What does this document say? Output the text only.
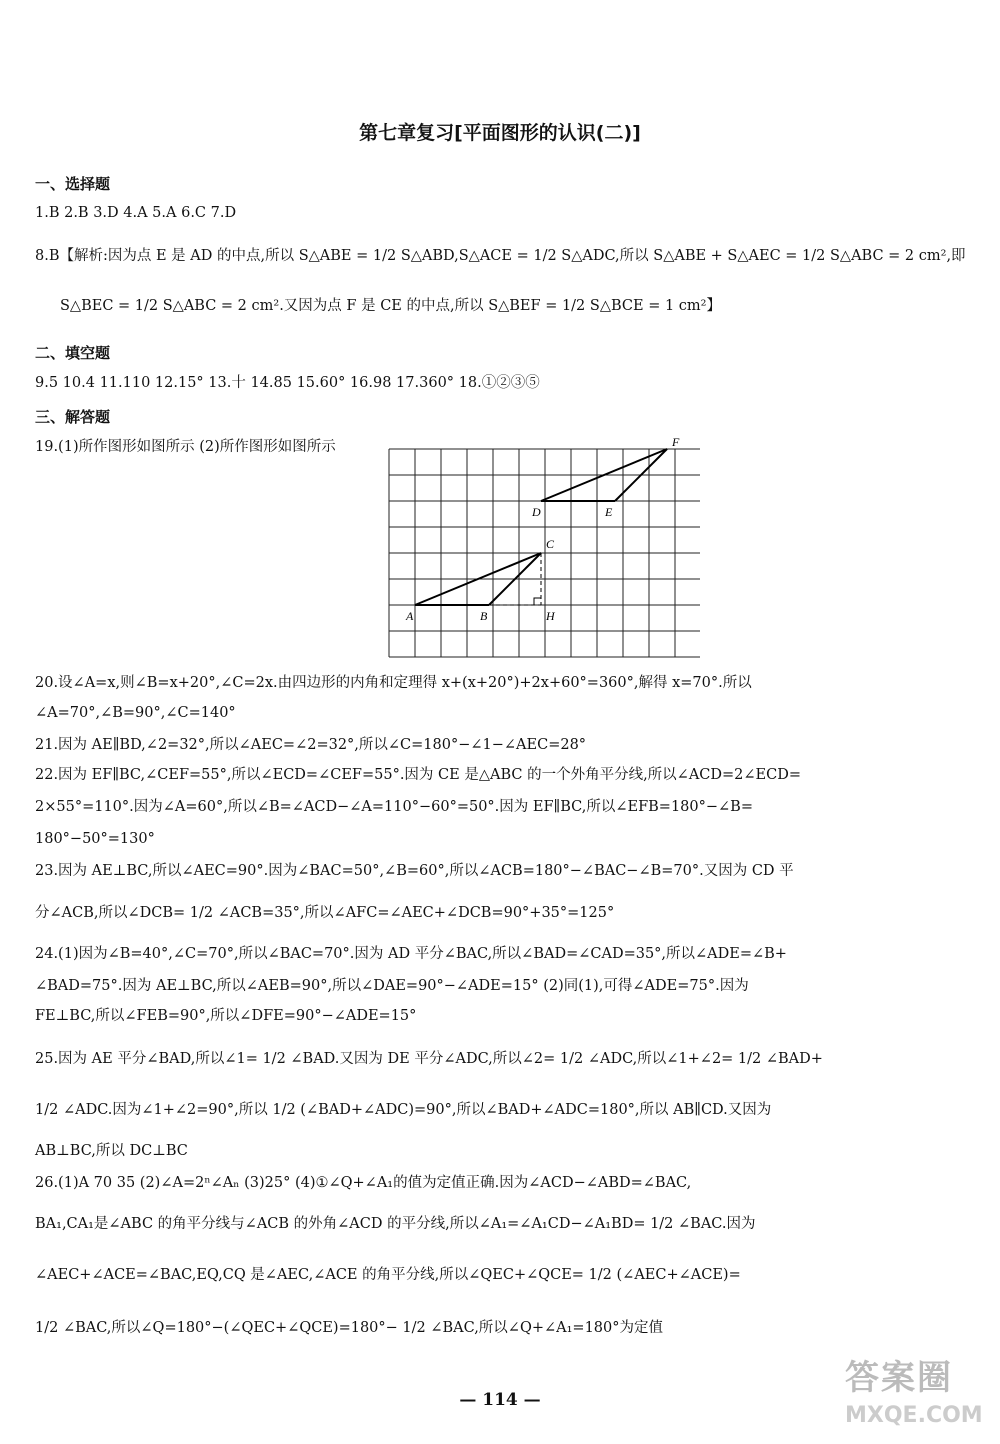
第七章复习[平面图形的认识(二)]
一、选择题
1.B 2.B 3.D 4.A 5.A 6.C 7.D
8.B【解析:因为点 E 是 AD 的中点,所以 S△ABE = 1/2 S△ABD,S△ACE = 1/2 S△ADC,所以 S△ABE + S△AEC = 1/2 S△ABC = 2 cm²,即
S△BEC = 1/2 S△ABC = 2 cm².又因为点 F 是 CE 的中点,所以 S△BEF = 1/2 S△BCE = 1 cm²】
二、填空题
9.5 10.4 11.110 12.15° 13.十 14.85 15.60° 16.98 17.360° 18.①②③⑤
三、解答题
19.(1)所作图形如图所示 (2)所作图形如图所示
A	B
C
H
D	E
F
20.设∠A=x,则∠B=x+20°,∠C=2x.由四边形的内角和定理得 x+(x+20°)+2x+60°=360°,解得 x=70°.所以
∠A=70°,∠B=90°,∠C=140°
21.因为 AE∥BD,∠2=32°,所以∠AEC=∠2=32°,所以∠C=180°−∠1−∠AEC=28°
22.因为 EF∥BC,∠CEF=55°,所以∠ECD=∠CEF=55°.因为 CE 是△ABC 的一个外角平分线,所以∠ACD=2∠ECD=
2×55°=110°.因为∠A=60°,所以∠B=∠ACD−∠A=110°−60°=50°.因为 EF∥BC,所以∠EFB=180°−∠B=
180°−50°=130°
23.因为 AE⊥BC,所以∠AEC=90°.因为∠BAC=50°,∠B=60°,所以∠ACB=180°−∠BAC−∠B=70°.又因为 CD 平
分∠ACB,所以∠DCB= 1/2 ∠ACB=35°,所以∠AFC=∠AEC+∠DCB=90°+35°=125°
24.(1)因为∠B=40°,∠C=70°,所以∠BAC=70°.因为 AD 平分∠BAC,所以∠BAD=∠CAD=35°,所以∠ADE=∠B+
∠BAD=75°.因为 AE⊥BC,所以∠AEB=90°,所以∠DAE=90°−∠ADE=15° (2)同(1),可得∠ADE=75°.因为
FE⊥BC,所以∠FEB=90°,所以∠DFE=90°−∠ADE=15°
25.因为 AE 平分∠BAD,所以∠1= 1/2 ∠BAD.又因为 DE 平分∠ADC,所以∠2= 1/2 ∠ADC,所以∠1+∠2= 1/2 ∠BAD+
1/2 ∠ADC.因为∠1+∠2=90°,所以 1/2 (∠BAD+∠ADC)=90°,所以∠BAD+∠ADC=180°,所以 AB∥CD.又因为
AB⊥BC,所以 DC⊥BC
26.(1)A 70 35 (2)∠A=2ⁿ∠Aₙ (3)25° (4)①∠Q+∠A₁的值为定值正确.因为∠ACD−∠ABD=∠BAC,
BA₁,CA₁是∠ABC 的角平分线与∠ACB 的外角∠ACD 的平分线,所以∠A₁=∠A₁CD−∠A₁BD= 1/2 ∠BAC.因为
∠AEC+∠ACE=∠BAC,EQ,CQ 是∠AEC,∠ACE 的角平分线,所以∠QEC+∠QCE= 1/2 (∠AEC+∠ACE)=
1/2 ∠BAC,所以∠Q=180°−(∠QEC+∠QCE)=180°− 1/2 ∠BAC,所以∠Q+∠A₁=180°为定值
— 114 —
答案圈
MXQE.COM
